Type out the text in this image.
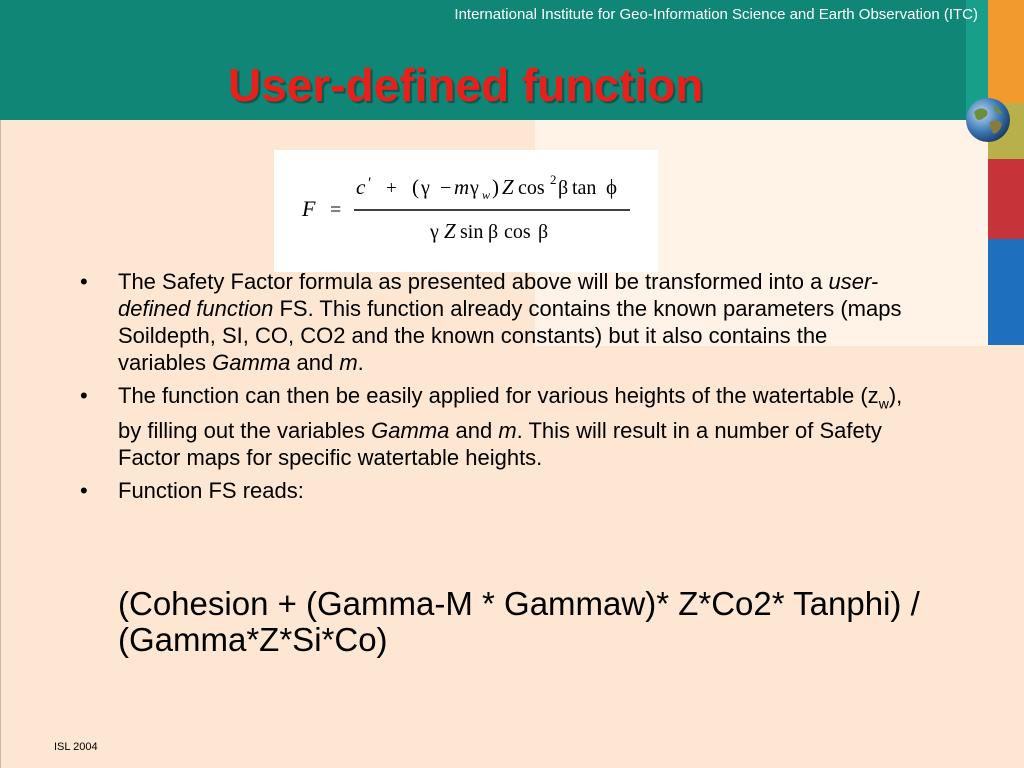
International Institute for Geo-Information Science and Earth Observation (ITC)
User-defined function
F =
c ′ + ( γ − m γ w ) Z cos 2 β tan ϕ
γ Z sin β cos β
• The Safety Factor formula as presented above will be transformed into a user-defined function FS. This function already contains the known parameters (maps Soildepth, SI, CO, CO2 and the known constants) but it also contains the variables Gamma and m.
• The function can then be easily applied for various heights of the watertable $(z_w)$, by filling out the variables Gamma and m. This will result in a number of Safety Factor maps for specific watertable heights.
• Function FS reads:
(Cohesion + (Gamma-M * Gammaw)* Z*Co2* Tanphi) / (Gamma*Z*Si*Co)
ISL 2004
